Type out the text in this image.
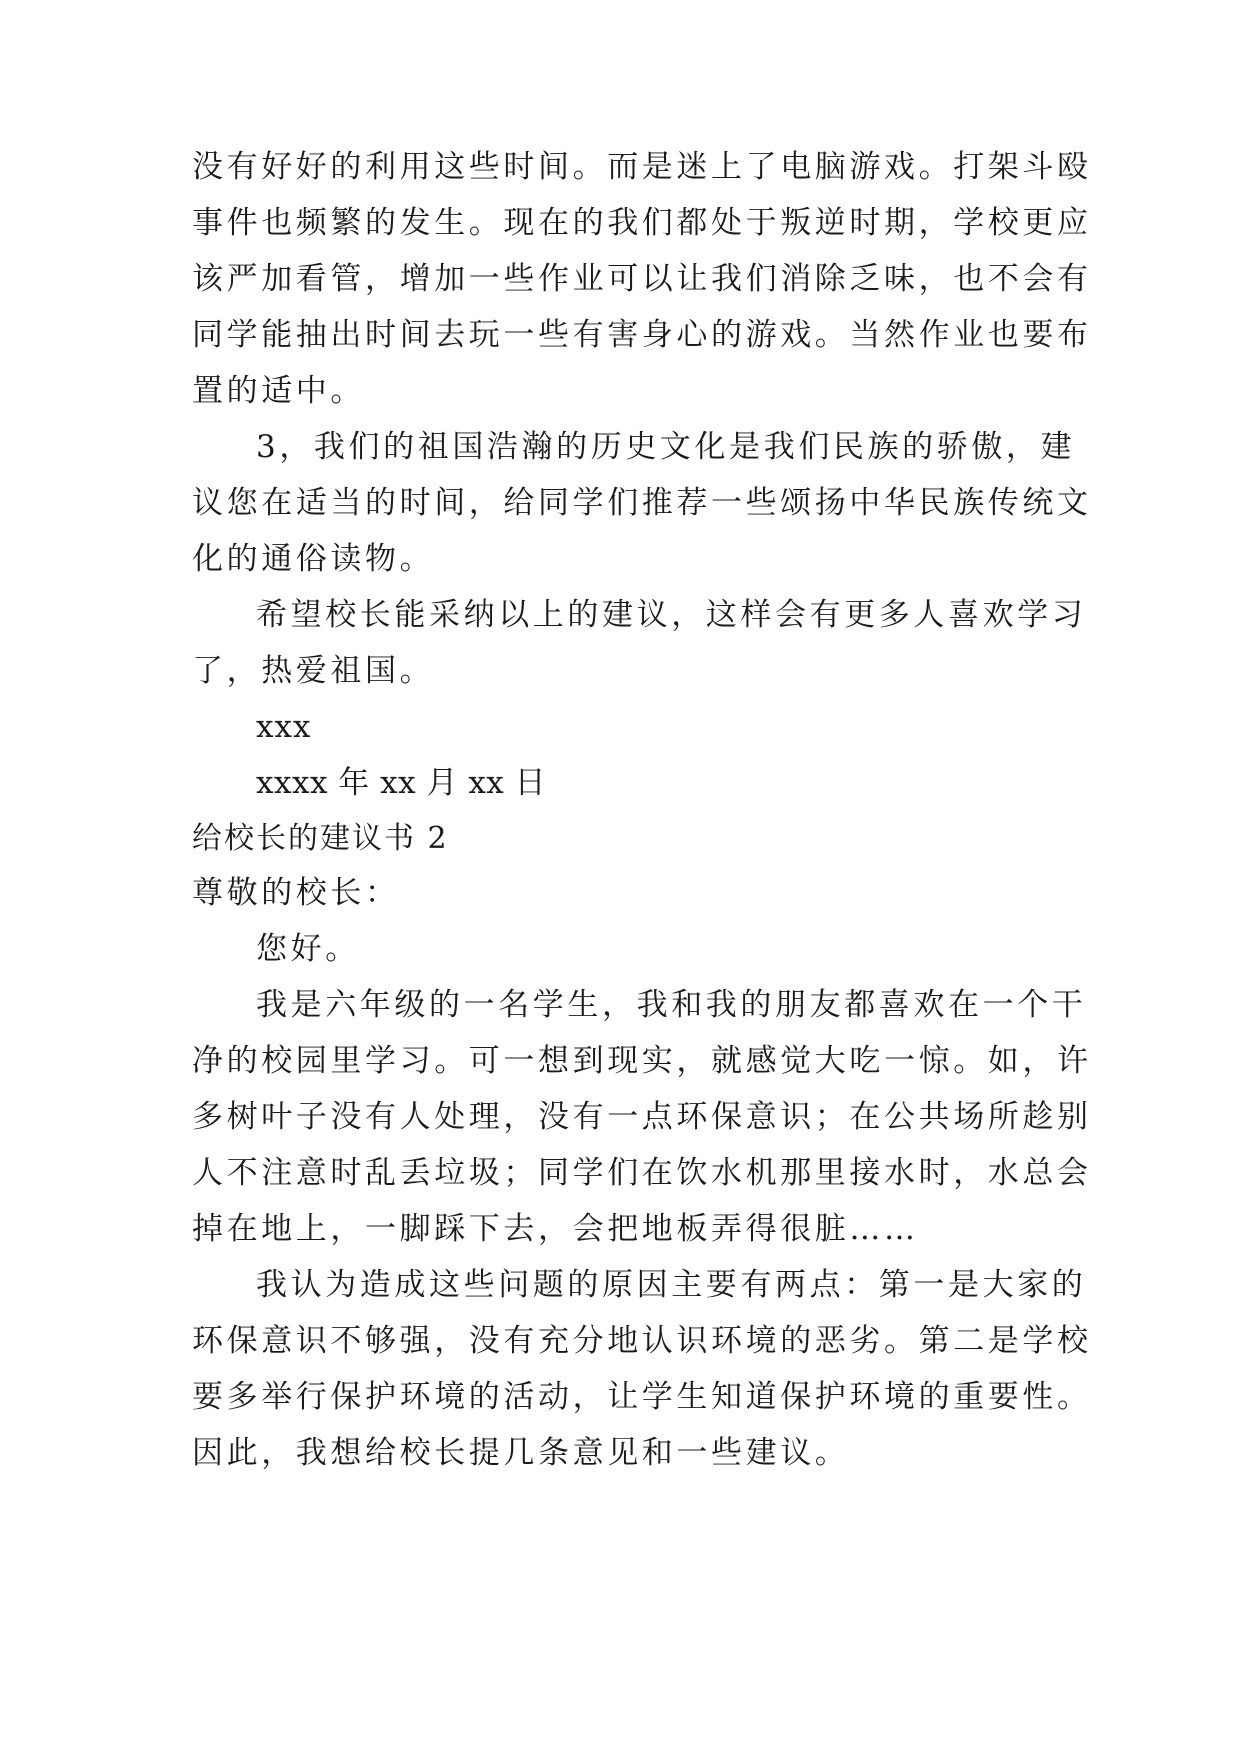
没有好好的利用这些时间。而是迷上了电脑游戏。打架斗殴
事件也频繁的发生。现在的我们都处于叛逆时期，学校更应
该严加看管，增加一些作业可以让我们消除乏味，也不会有
同学能抽出时间去玩一些有害身心的游戏。当然作业也要布
置的适中。
3，我们的祖国浩瀚的历史文化是我们民族的骄傲，建
议您在适当的时间，给同学们推荐一些颂扬中华民族传统文
化的通俗读物。
希望校长能采纳以上的建议，这样会有更多人喜欢学习
了，热爱祖国。
xxx
xxxx 年 xx 月 xx 日
给校长的建议书 2
尊敬的校长：
您好。
我是六年级的一名学生，我和我的朋友都喜欢在一个干
净的校园里学习。可一想到现实，就感觉大吃一惊。如，许
多树叶子没有人处理，没有一点环保意识；在公共场所趁别
人不注意时乱丢垃圾；同学们在饮水机那里接水时，水总会
掉在地上，一脚踩下去，会把地板弄得很脏……
我认为造成这些问题的原因主要有两点：第一是大家的
环保意识不够强，没有充分地认识环境的恶劣。第二是学校
要多举行保护环境的活动，让学生知道保护环境的重要性。
因此，我想给校长提几条意见和一些建议。
